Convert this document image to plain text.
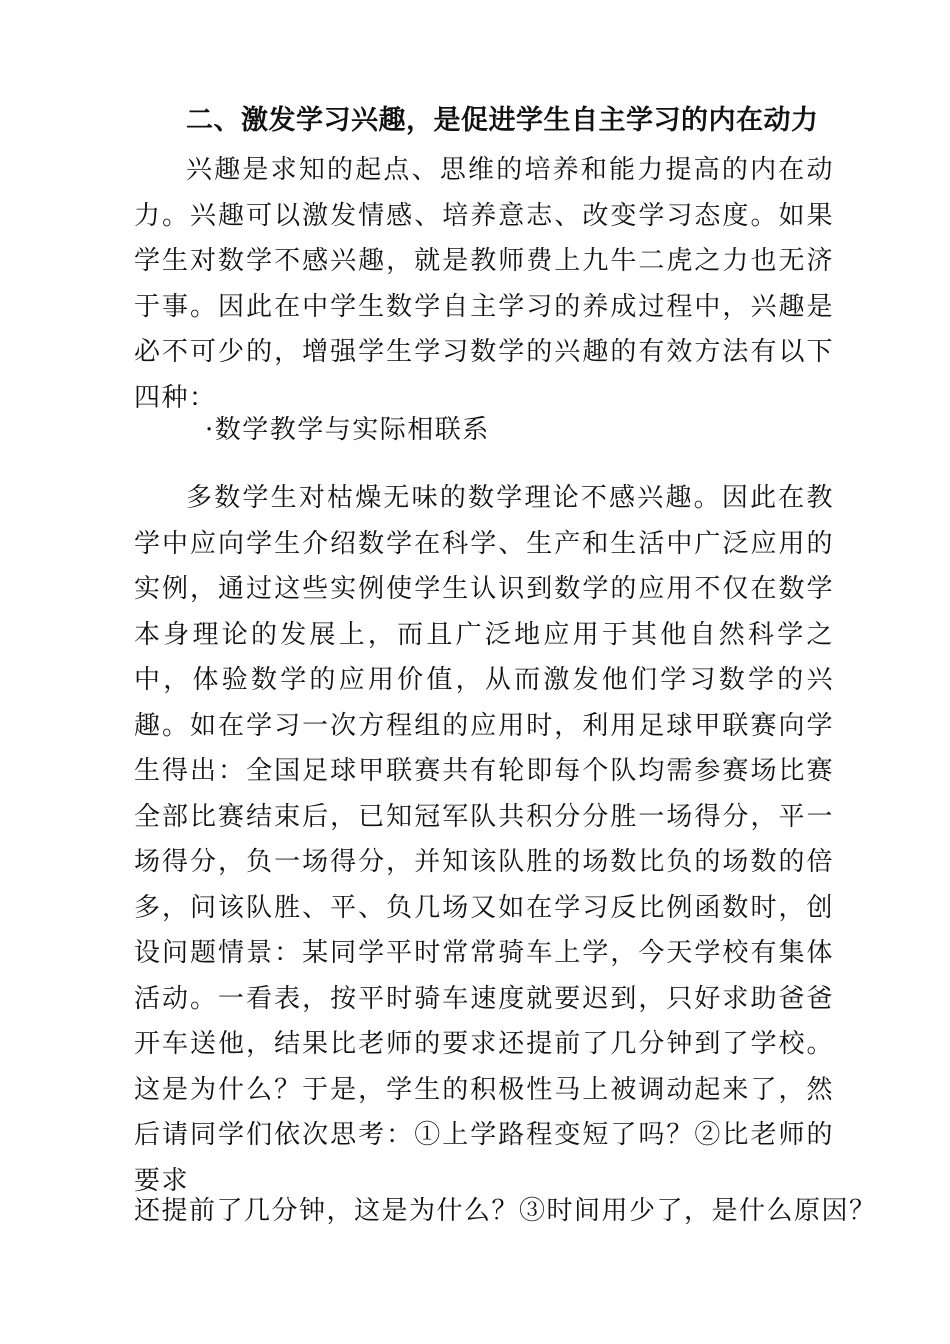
二、激发学习兴趣，是促进学生自主学习的内在动力
兴趣是求知的起点、思维的培养和能力提高的内在动力。兴趣可以激发情感、培养意志、改变学习态度。如果学生对数学不感兴趣，就是教师费上九牛二虎之力也无济于事。因此在中学生数学自主学习的养成过程中，兴趣是必不可少的，增强学生学习数学的兴趣的有效方法有以下四种：
·数学教学与实际相联系
多数学生对枯燥无味的数学理论不感兴趣。因此在教学中应向学生介绍数学在科学、生产和生活中广泛应用的实例，通过这些实例使学生认识到数学的应用不仅在数学本身理论的发展上，而且广泛地应用于其他自然科学之中，体验数学的应用价值，从而激发他们学习数学的兴趣。如在学习一次方程组的应用时，利用足球甲联赛向学生得出：全国足球甲联赛共有轮即每个队均需参赛场比赛全部比赛结束后，已知冠军队共积分分胜一场得分，平一场得分，负一场得分，并知该队胜的场数比负的场数的倍多，问该队胜、平、负几场又如在学习反比例函数时，创设问题情景：某同学平时常常骑车上学，今天学校有集体活动。一看表，按平时骑车速度就要迟到，只好求助爸爸开车送他，结果比老师的要求还提前了几分钟到了学校。这是为什么？于是，学生的积极性马上被调动起来了，然后请同学们依次思考：①上学路程变短了吗？②比老师的要求
还提前了几分钟，这是为什么？③时间用少了，是什么原因？
